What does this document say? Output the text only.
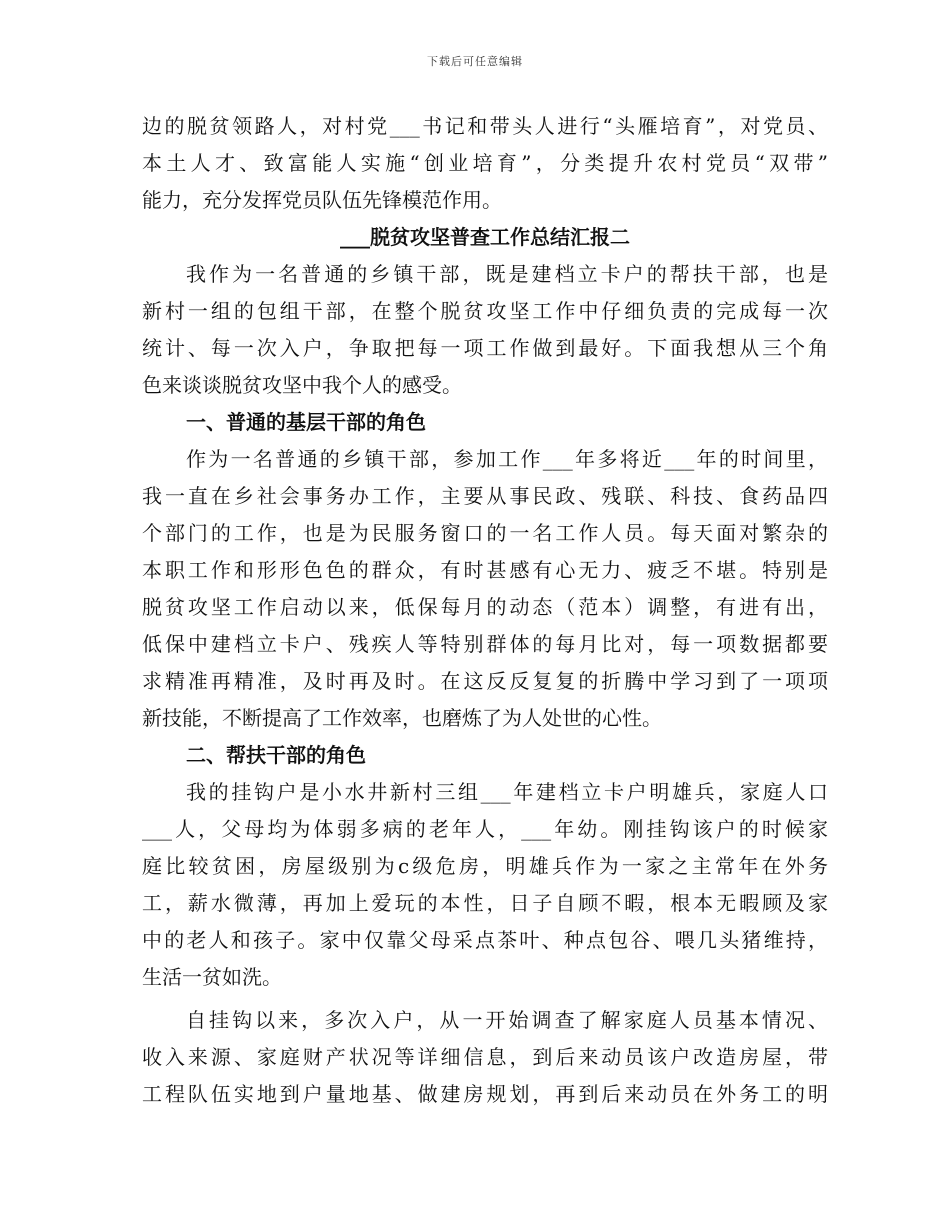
下载后可任意编辑
边的脱贫领路人，对村党___书记和带头人进行“头雁培育”，对党员、
本土人才、致富能人实施“创业培育”，分类提升农村党员“双带”
能力，充分发挥党员队伍先锋模范作用。
___脱贫攻坚普查工作总结汇报二
我作为一名普通的乡镇干部，既是建档立卡户的帮扶干部，也是
新村一组的包组干部，在整个脱贫攻坚工作中仔细负责的完成每一次
统计、每一次入户，争取把每一项工作做到最好。下面我想从三个角
色来谈谈脱贫攻坚中我个人的感受。
一、普通的基层干部的角色
作为一名普通的乡镇干部，参加工作___年多将近___年的时间里，
我一直在乡社会事务办工作，主要从事民政、残联、科技、食药品四
个部门的工作，也是为民服务窗口的一名工作人员。每天面对繁杂的
本职工作和形形色色的群众，有时甚感有心无力、疲乏不堪。特别是
脱贫攻坚工作启动以来，低保每月的动态（范本）调整，有进有出，
低保中建档立卡户、残疾人等特别群体的每月比对，每一项数据都要
求精准再精准，及时再及时。在这反反复复的折腾中学习到了一项项
新技能，不断提高了工作效率，也磨炼了为人处世的心性。
二、帮扶干部的角色
我的挂钩户是小水井新村三组___年建档立卡户明雄兵，家庭人口
___人，父母均为体弱多病的老年人，___年幼。刚挂钩该户的时候家
庭比较贫困，房屋级别为c级危房，明雄兵作为一家之主常年在外务
工，薪水微薄，再加上爱玩的本性，日子自顾不暇，根本无暇顾及家
中的老人和孩子。家中仅靠父母采点茶叶、种点包谷、喂几头猪维持，
生活一贫如洗。
自挂钩以来，多次入户，从一开始调查了解家庭人员基本情况、
收入来源、家庭财产状况等详细信息，到后来动员该户改造房屋，带
工程队伍实地到户量地基、做建房规划，再到后来动员在外务工的明
